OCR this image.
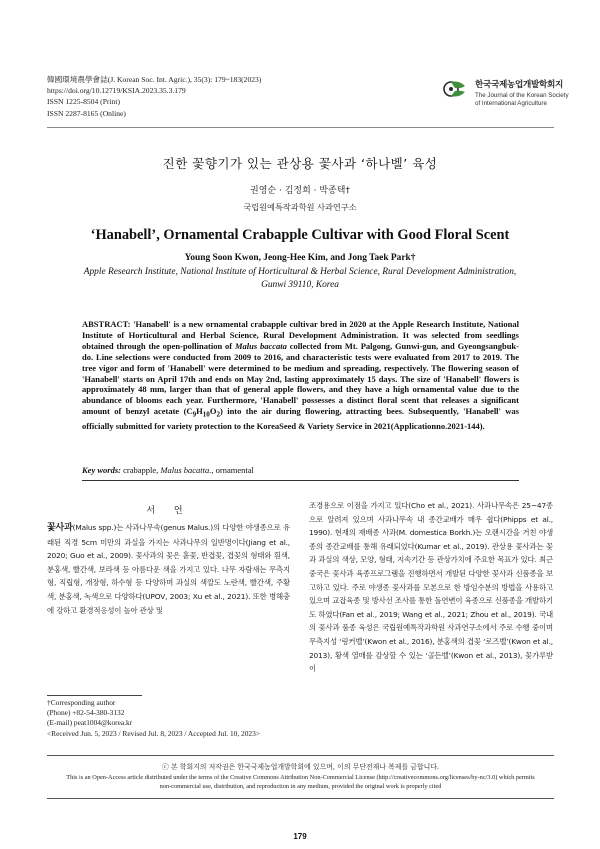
韓國環境農學會誌(J. Korean Soc. Int. Agric.), 35(3): 179~183(2023)
https://doi.org/10.12719/KSIA.2023.35.3.179
ISSN 1225-8504 (Print)
ISSN 2287-8165 (Online)
한국국제농업개발학회지
The Journal of the Korean Society
of International Agriculture
진한 꽃향기가 있는 관상용 꽃사과 ‘하나벨’ 육성
권영순 · 김정희 · 박종택†
국립원예특작과학원 사과연구소
‘Hanabell’, Ornamental Crabapple Cultivar with Good Floral Scent
Young Soon Kwon, Jeong-Hee Kim, and Jong Taek Park†
Apple Research Institute, National Institute of Horticultural & Herbal Science, Rural Development Administration,
Gunwi 39110, Korea
ABSTRACT: 'Hanabell' is a new ornamental crabapple cultivar bred in 2020 at the Apple Research Institute, National Institute of Horticultural and Herbal Science, Rural Development Administration. It was selected from seedlings obtained through the open-pollination of Malus baccata collected from Mt. Palgong, Gunwi-gun, and Gyeongsangbuk-do. Line selections were conducted from 2009 to 2016, and characteristic tests were evaluated from 2017 to 2019. The tree vigor and form of 'Hanabell' were determined to be medium and spreading, respectively. The flowering season of 'Hanabell' starts on April 17th and ends on May 2nd, lasting approximately 15 days. The size of 'Hanabell' flowers is approximately 48 mm, larger than that of general apple flowers, and they have a high ornamental value due to the abundance of blooms each year. Furthermore, 'Hanabell' possesses a distinct floral scent that releases a significant amount of benzyl acetate $(C_9H_{10}O_2)$ into the air during flowering, attracting bees. Subsequently, 'Hanabell' was officially submitted for variety protection to the KoreaSeed & Variety Service in 2021(Applicationno.2021-144).
Key words: crabapple, Malus bacatta., ornamental
서 언

꽃사과(Malus spp.)는 사과나무속(genus Malus.)의 다양한 야생종으로 유래된 직경 5cm 미만의 과실을 가지는 사과나무의 일반명이다(Jiang et al., 2020; Guo et al., 2009). 꽃사과의 꽃은 홑꽃, 반겹꽃, 겹꽃의 형태와 흰색, 분홍색, 빨간색, 보라색 등 아름다운 색을 가지고 있다. 나무 자람새는 무측지형, 직립형, 개장형, 하수형 등 다양하며 과실의 색깔도 노란색, 빨간색, 주황색, 분홍색, 녹색으로 다양하다(UPOV, 2003; Xu et al., 2021). 또한 병해충에 강하고 환경적응성이 높아 관상 및

조경용으로 이점을 가지고 있다(Cho et al., 2021). 사과나무속은 25~47종으로 알려져 있으며 사과나무속 내 종간교배가 매우 쉽다(Phipps et al., 1990). 현재의 재배종 사과(M. domestica Borkh.)는 오랜시간을 거친 야생종의 종간교배를 통해 유래되었다(Kumar et al., 2019). 관상용 꽃사과는 꽃과 과실의 색상, 모양, 형태, 지속기간 등 관상가치에 주요한 목표가 있다. 최근 중국은 꽃사과 육종프로그램을 진행하면서 개발된 다양한 꽃사과 신품종을 보고하고 있다. 주로 야생종 꽃사과를 모본으로 한 방임수분의 방법을 사용하고 있으며 교잡육종 및 방사선 조사를 통한 돌연변이 육종으로 신품종을 개발하기도 하였다(Fan et al., 2019; Wang et al., 2021; Zhou et al., 2019). 국내의 꽃사과 품종 육성은 국립원예특작과학원 사과연구소에서 주로 수행 중이며 무측지성 ‘링커벨’(Kwon et al., 2016), 분홍색의 겹꽃 ‘로즈벨’(Kwon et al., 2013), 황색 열매를 감상할 수 있는 ‘골든벨’(Kwon et al., 2013), 꽃가루받이

†Corresponding author
(Phone) +82-54-380-3132
(E-mail) peat1004@korea.kr
<Received Jun. 5, 2023 / Revised Jul. 8, 2023 / Accepted Jul. 10, 2023>
ⓒ 본 학회지의 저작권은 한국국제농업개발학회에 있으며, 이의 무단전재나 복제를 금합니다.
This is an Open-Access article distributed under the terms of the Creative Commons Attribution Non-Commercial License (http://creativecommons.org/licenses/by-nc/3.0) which permits non-commercial use, distribution, and reproduction in any medium, provided the original work is properly cited
179
